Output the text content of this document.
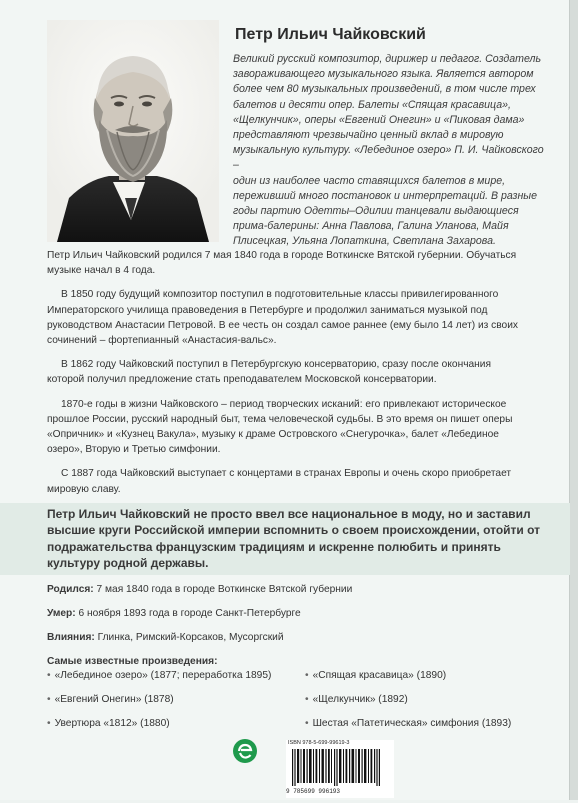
Петр Ильич Чайковский
Великий русский композитор, дирижер и педагог. Создатель
завораживающего музыкального языка. Является автором
более чем 80 музыкальных произведений, в том числе трех
балетов и десяти опер. Балеты «Спящая красавица»,
«Щелкунчик», оперы «Евгений Онегин» и «Пиковая дама»
представляют чрезвычайно ценный вклад в мировую
музыкальную культуру. «Лебединое озеро» П. И. Чайковского –
один из наиболее часто ставящихся балетов в мире,
переживший много постановок и интерпретаций. В разные
годы партию Одетты–Одилии танцевали выдающиеся
прима-балерины: Анна Павлова, Галина Уланова, Майя
Плисецкая, Ульяна Лопаткина, Светлана Захарова.

Петр Ильич Чайковский родился 7 мая 1840 года в городе Воткинске Вятской губернии. Обучаться музыке начал в 4 года.

В 1850 году будущий композитор поступил в подготовительные классы привилегированного Императорского училища правоведения в Петербурге и продолжил заниматься музыкой под руководством Анастасии Петровой. В ее честь он создал самое раннее (ему было 14 лет) из своих сочинений – фортепианный «Анастасия-вальс».

В 1862 году Чайковский поступил в Петербургскую консерваторию, сразу после окончания которой получил предложение стать преподавателем Московской консерватории.

1870-е годы в жизни Чайковского – период творческих исканий: его привлекают историческое прошлое России, русский народный быт, тема человеческой судьбы. В это время он пишет оперы «Опричник» и «Кузнец Вакула», музыку к драме Островского «Снегурочка», балет «Лебединое озеро», Вторую и Третью симфонии.

С 1887 года Чайковский выступает с концертами в странах Европы и очень скоро приобретает мировую славу.

Петр Ильич Чайковский не просто ввел все национальное в моду, но и заставил высшие круги Российской империи вспомнить о своем происхождении, отойти от подражательства французским традициям и искренне полюбить и принять культуру родной державы.

Родился: 7 мая 1840 года в городе Воткинске Вятской губернии
Умер: 6 ноября 1893 года в городе Санкт-Петербурге
Влияния: Глинка, Римский-Корсаков, Мусоргский
Самые известные произведения:
• «Лебединое озеро» (1877; переработка 1895)
• «Евгений Онегин» (1878)
• Увертюра «1812» (1880)
• «Спящая красавица» (1890)
• «Щелкунчик» (1892)
• Шестая «Патетическая» симфония (1893)
ISBN 978-5-699-99619-3
9 785699 996193
